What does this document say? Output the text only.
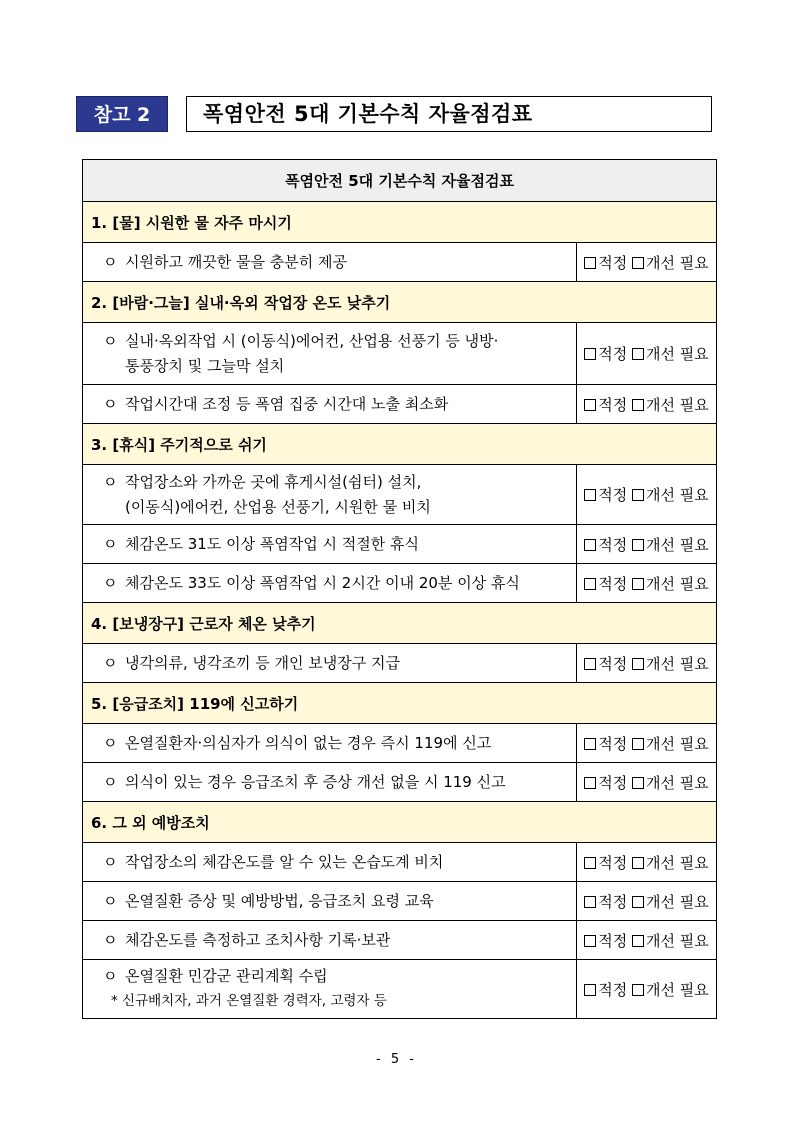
참고 2	폭염안전 5대 기본수칙 자율점검표
폭염안전 5대 기본수칙 자율점검표	
1. [물] 시원한 물 자주 마시기	

ㅇ 시원하고 깨끗한 물을 충분히 제공	적정 개선 필요
2. [바람·그늘] 실내·옥외 작업장 온도 낮추기	

ㅇ 실내·옥외작업 시 (이동식)에어컨, 산업용 선풍기 등 냉방·
통풍장치 및 그늘막 설치	적정 개선 필요

ㅇ 작업시간대 조정 등 폭염 집중 시간대 노출 최소화	적정 개선 필요
3. [휴식] 주기적으로 쉬기	

ㅇ 작업장소와 가까운 곳에 휴게시설(쉼터) 설치,
(이동식)에어컨, 산업용 선풍기, 시원한 물 비치	적정 개선 필요

ㅇ 체감온도 31도 이상 폭염작업 시 적절한 휴식	적정 개선 필요

ㅇ 체감온도 33도 이상 폭염작업 시 2시간 이내 20분 이상 휴식	적정 개선 필요
4. [보냉장구] 근로자 체온 낮추기	

ㅇ 냉각의류, 냉각조끼 등 개인 보냉장구 지급	적정 개선 필요
5. [응급조치] 119에 신고하기	

ㅇ 온열질환자·의심자가 의식이 없는 경우 즉시 119에 신고	적정 개선 필요

ㅇ 의식이 있는 경우 응급조치 후 증상 개선 없을 시 119 신고	적정 개선 필요
6. 그 외 예방조치	

ㅇ 작업장소의 체감온도를 알 수 있는 온습도계 비치	적정 개선 필요

ㅇ 온열질환 증상 및 예방방법, 응급조치 요령 교육	적정 개선 필요

ㅇ 체감온도를 측정하고 조치사항 기록·보관	적정 개선 필요

ㅇ 온열질환 민감군 관리계획 수립
* 신규배치자, 과거 온열질환 경력자, 고령자 등	적정 개선 필요
- 5 -
